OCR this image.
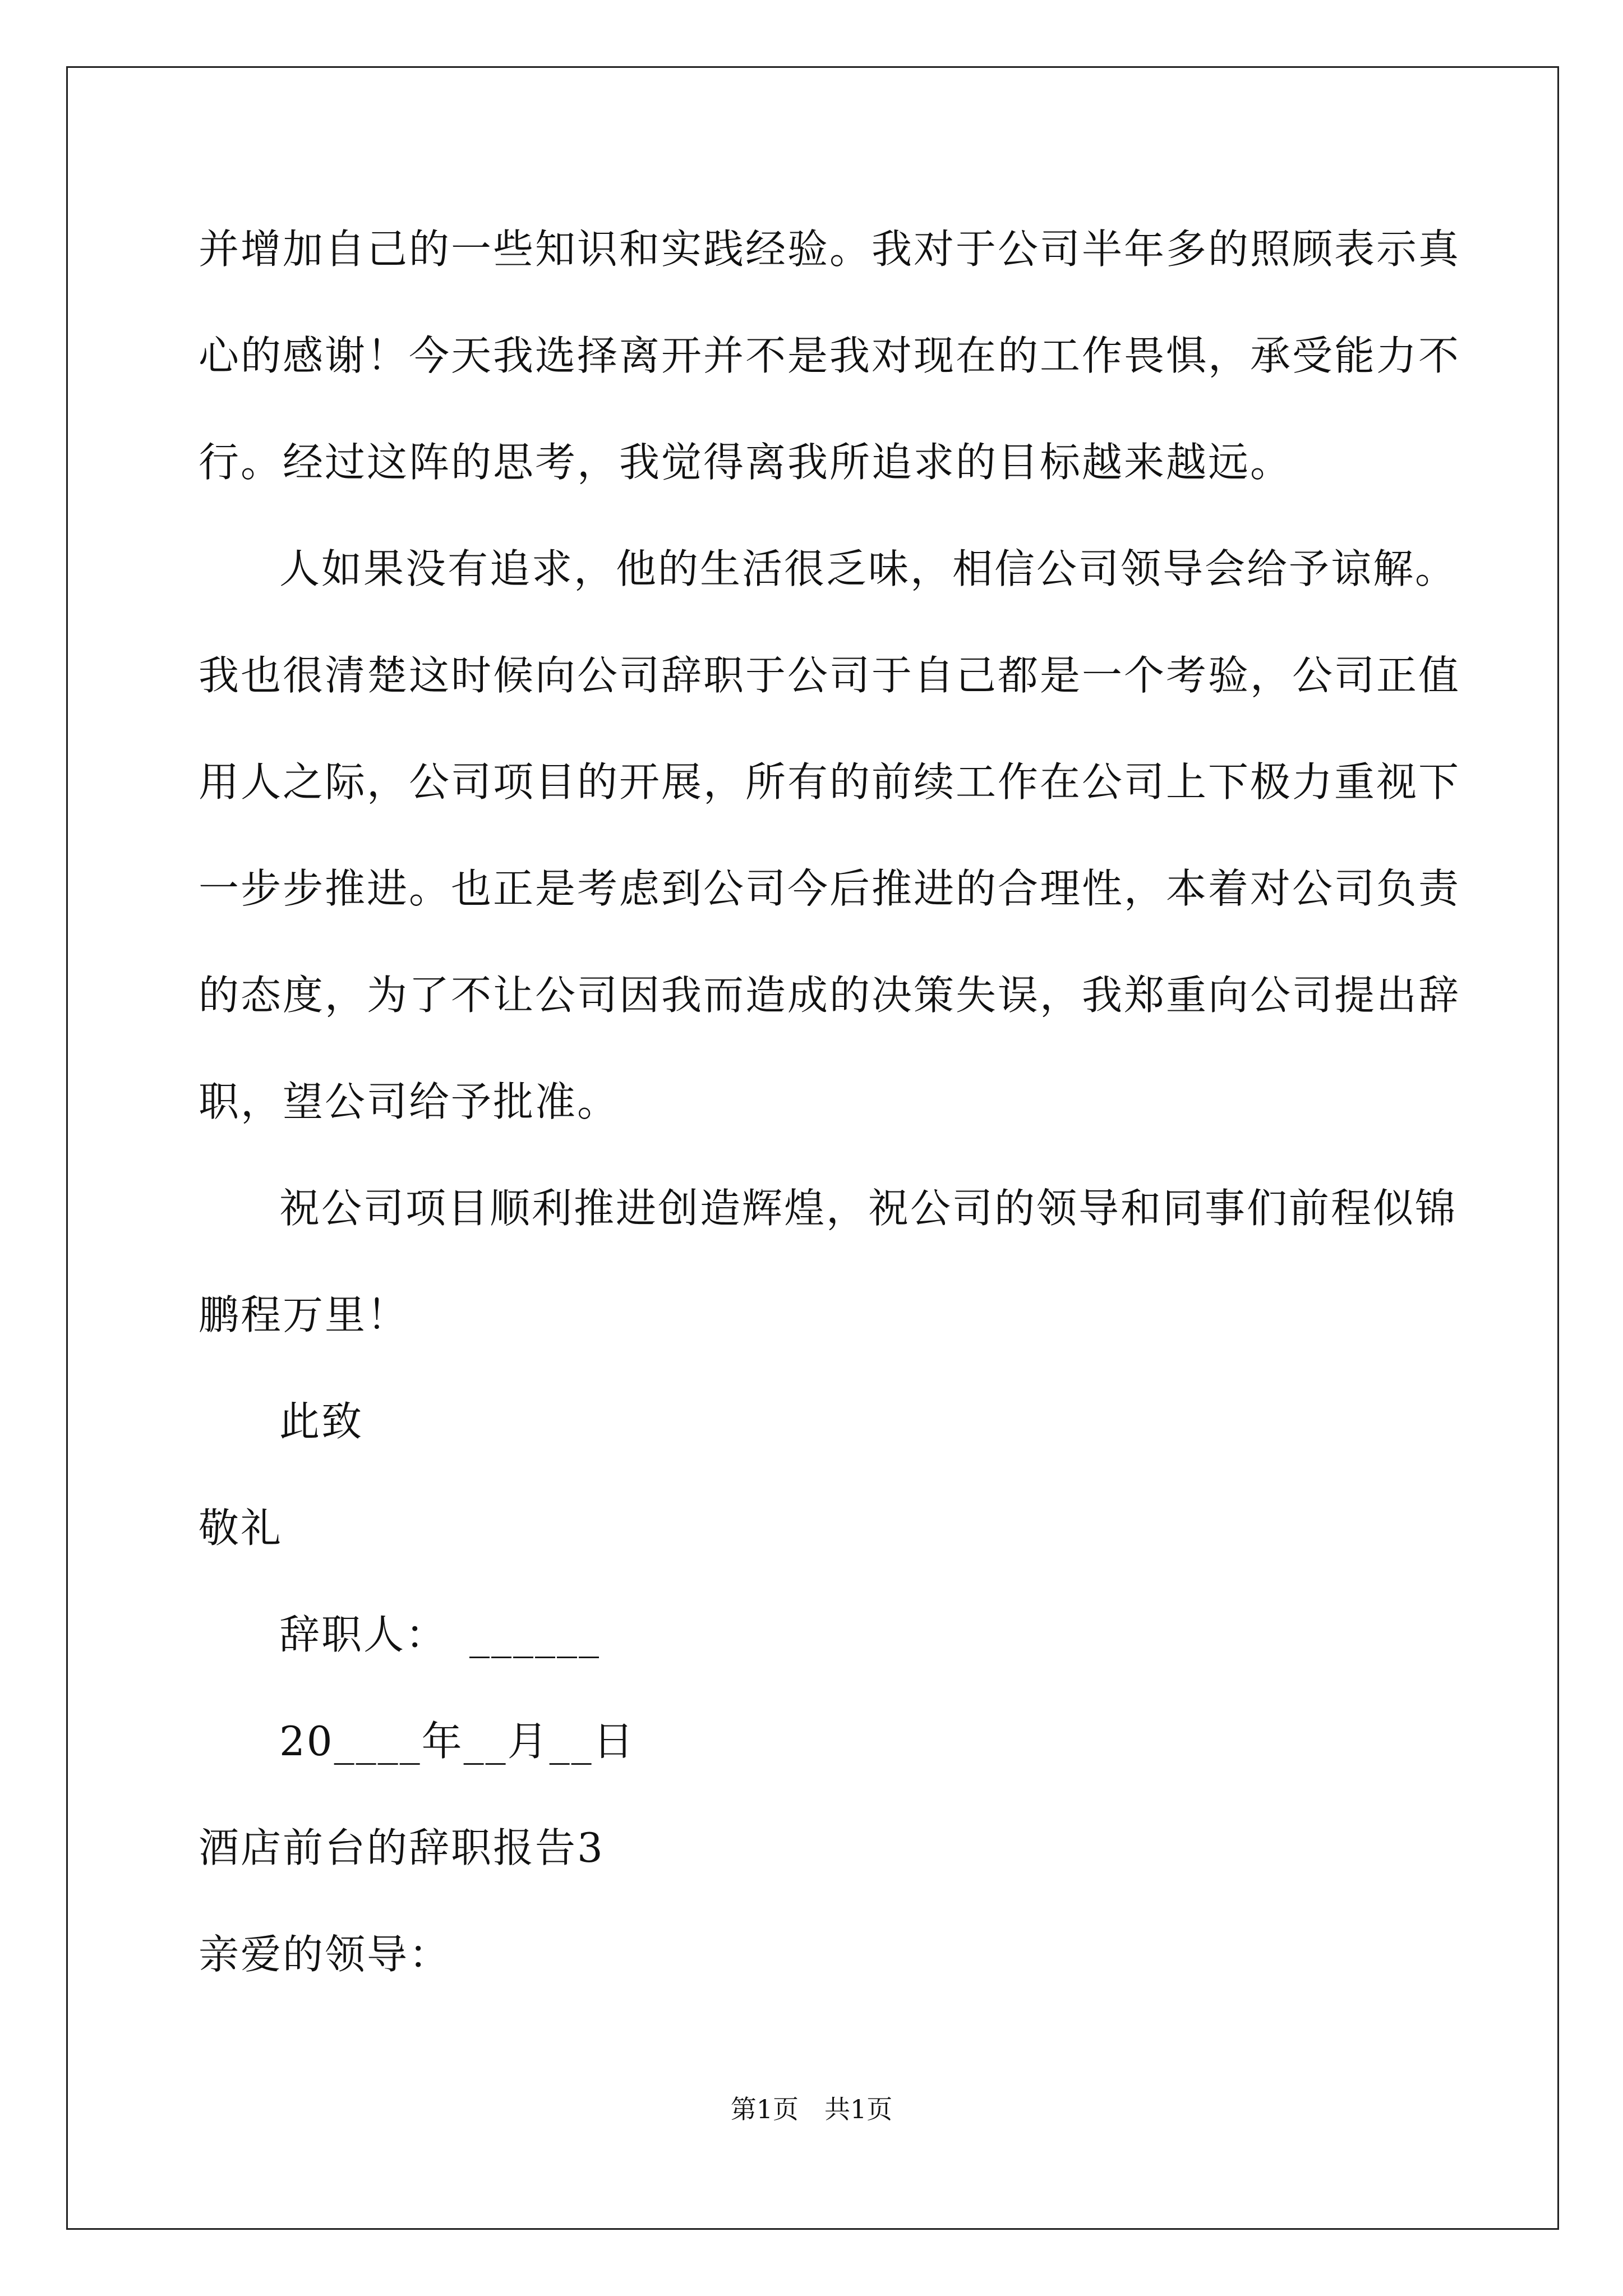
并增加自己的一些知识和实践经验。我对于公司半年多的照顾表示真
心的感谢！今天我选择离开并不是我对现在的工作畏惧，承受能力不
行。经过这阵的思考，我觉得离我所追求的目标越来越远。
人如果没有追求，他的生活很乏味，相信公司领导会给予谅解。
我也很清楚这时候向公司辞职于公司于自己都是一个考验，公司正值
用人之际，公司项目的开展，所有的前续工作在公司上下极力重视下
一步步推进。也正是考虑到公司今后推进的合理性，本着对公司负责
的态度，为了不让公司因我而造成的决策失误，我郑重向公司提出辞
职，望公司给予批准。
祝公司项目顺利推进创造辉煌，祝公司的领导和同事们前程似锦
鹏程万里！
此致
敬礼
辞职人：　______
20____年__月__日
酒店前台的辞职报告3
亲爱的领导：
第1页　共1页
